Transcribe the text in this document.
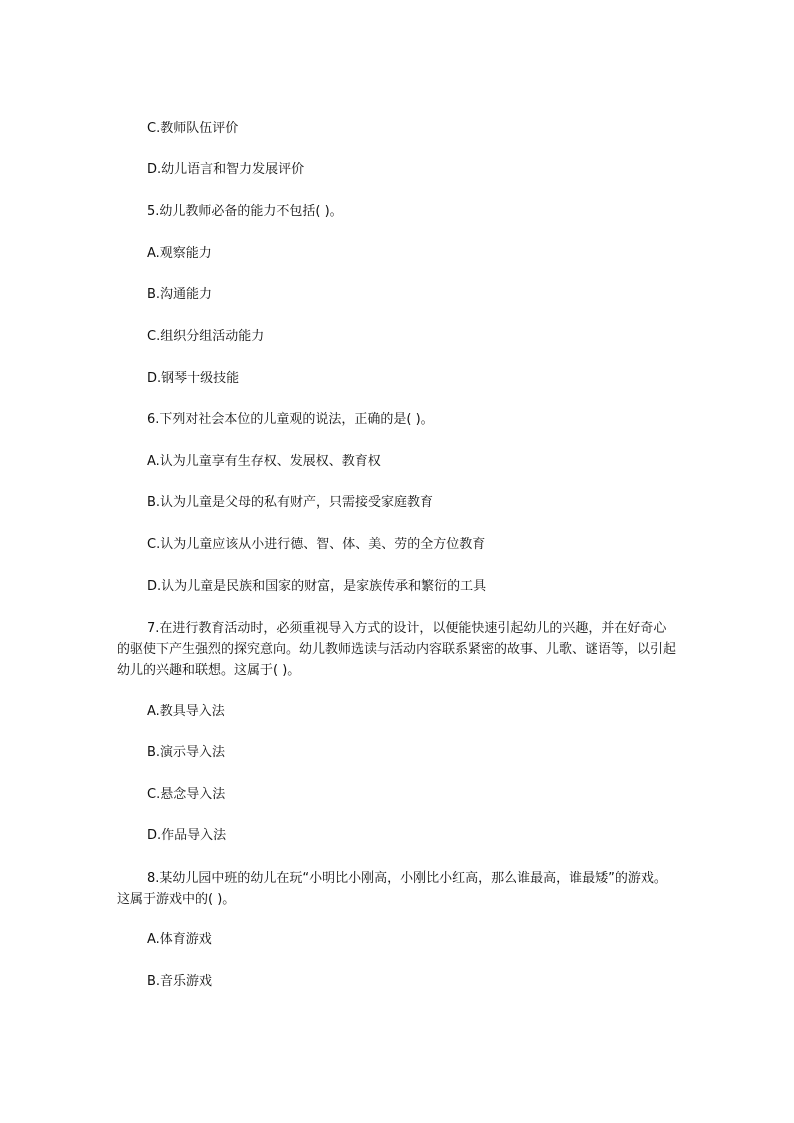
C.教师队伍评价
D.幼儿语言和智力发展评价
5.幼儿教师必备的能力不包括( )。
A.观察能力
B.沟通能力
C.组织分组活动能力
D.钢琴十级技能
6.下列对社会本位的儿童观的说法，正确的是( )。
A.认为儿童享有生存权、发展权、教育权
B.认为儿童是父母的私有财产，只需接受家庭教育
C.认为儿童应该从小进行德、智、体、美、劳的全方位教育
D.认为儿童是民族和国家的财富，是家族传承和繁衍的工具
7.在进行教育活动时，必须重视导入方式的设计，以便能快速引起幼儿的兴趣，并在好奇心的驱使下产生强烈的探究意向。幼儿教师选读与活动内容联系紧密的故事、儿歌、谜语等，以引起幼儿的兴趣和联想。这属于( )。
A.教具导入法
B.演示导入法
C.悬念导入法
D.作品导入法
8.某幼儿园中班的幼儿在玩“小明比小刚高，小刚比小红高，那么谁最高，谁最矮”的游戏。这属于游戏中的( )。
A.体育游戏
B.音乐游戏
